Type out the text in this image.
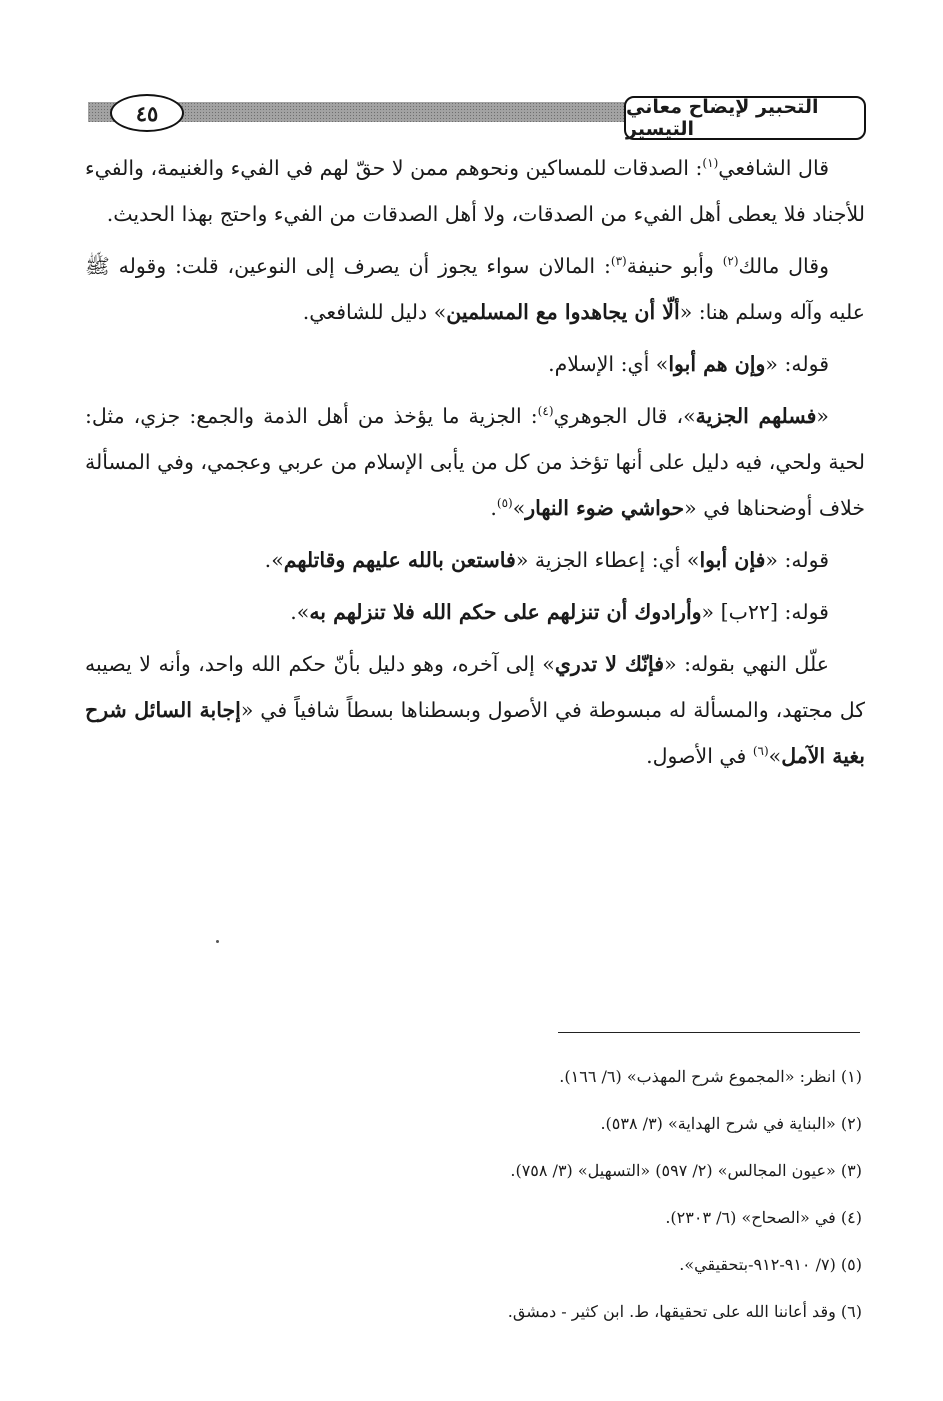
٤٥	التحبير لإيضاح معاني التيسير

قال الشافعي$^{(١)}$: الصدقات للمساكين ونحوهم ممن لا حقّ لهم في الفيء والغنيمة، والفيء للأجناد فلا يعطى أهل الفيء من الصدقات، ولا أهل الصدقات من الفيء واحتج بهذا الحديث.

وقال مالك$^{(٢)}$ وأبو حنيفة$^{(٣)}$: المالان سواء يجوز أن يصرف إلى النوعين، قلت: وقوله ﷺ عليه وآله وسلم هنا: «ألّا أن يجاهدوا مع المسلمين» دليل للشافعي.

قوله: «وإن هم أبوا» أي: الإسلام.

«فسلهم الجزية»، قال الجوهري$^{(٤)}$: الجزية ما يؤخذ من أهل الذمة والجمع: جزي، مثل: لحية ولحي، فيه دليل على أنها تؤخذ من كل من يأبى الإسلام من عربي وعجمي، وفي المسألة خلاف أوضحناها في «حواشي ضوء النهار»$^{(٥)}$.

قوله: «فإن أبوا» أي: إعطاء الجزية «فاستعن بالله عليهم وقاتلهم».

قوله: [٢٢ب] «وأرادوك أن تنزلهم على حكم الله فلا تنزلهم به».

علّل النهي بقوله: «فإنّك لا تدري» إلى آخره، وهو دليل بأنّ حكم الله واحد، وأنه لا يصيبه كل مجتهد، والمسألة له مبسوطة في الأصول وبسطناها بسطاً شافياً في «إجابة السائل شرح بغية الآمل»$^{(٦)}$ في الأصول.

(١) انظر: «المجموع شرح المهذب» (٦/ ١٦٦).
(٢) «البناية في شرح الهداية» (٣/ ٥٣٨).
(٣) «عيون المجالس» (٢/ ٥٩٧) «التسهيل» (٣/ ٧٥٨).
(٤) في «الصحاح» (٦/ ٢٣٠٣).
(٥) (٧/ ٩١٠-٩١٢-بتحقيقي».
(٦) وقد أعاننا الله على تحقيقها، ط. ابن كثير - دمشق.
